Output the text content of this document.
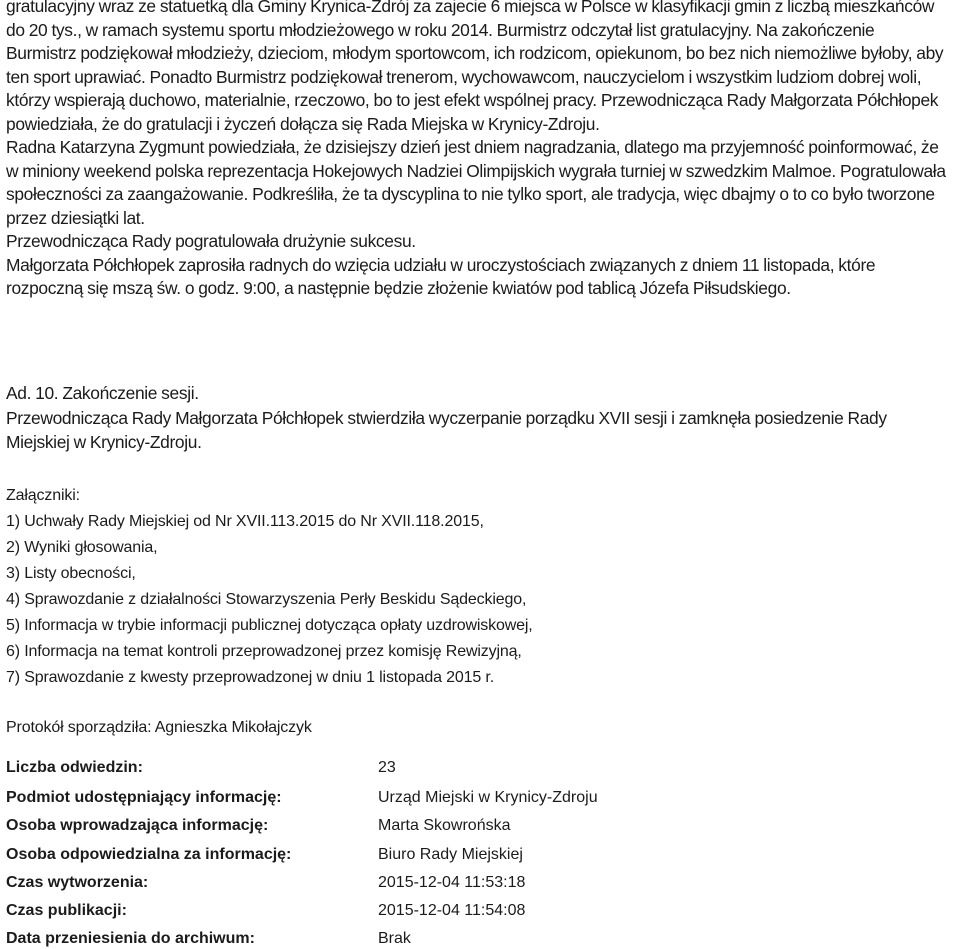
Ad. 10. Zakończenie sesji.

Przewodnicząca Rady Małgorzata Półchłopek stwierdziła wyczerpanie porządku XVII sesji i zamknęła posiedzenie Rady Miejskiej w Krynicy-Zdroju.

Załączniki:

1) Uchwały Rady Miejskiej od Nr XVII.113.2015 do Nr XVII.118.2015,

2) Wyniki głosowania,

3) Listy obecności,

4) Sprawozdanie z działalności Stowarzyszenia Perły Beskidu Sądeckiego,

5) Informacja w trybie informacji publicznej dotycząca opłaty uzdrowiskowej,

6) Informacja na temat kontroli przeprowadzonej przez komisję Rewizyjną,

7) Sprawozdanie z kwesty przeprowadzonej w dniu 1 listopada 2015 r.

Protokół sporządziła: Agnieszka Mikołajczyk

Liczba odwiedzin:	23
Podmiot udostępniający informację:	Urząd Miejski w Krynicy-Zdroju
Osoba wprowadzająca informację:	Marta Skowrońska
Osoba odpowiedzialna za informację:	Biuro Rady Miejskiej
Czas wytworzenia:	2015-12-04 11:53:18
Czas publikacji:	2015-12-04 11:54:08
Data przeniesienia do archiwum:	Brak

gratulacyjny wraz ze statuetką dla Gminy Krynica-Zdrój za zajecie 6 miejsca w Polsce w klasyfikacji gmin z liczbą mieszkańców do 20 tys., w ramach systemu sportu młodzieżowego w roku 2014. Burmistrz odczytał list gratulacyjny. Na zakończenie Burmistrz podziękował młodzieży, dzieciom, młodym sportowcom, ich rodzicom, opiekunom, bo bez nich niemożliwe byłoby, aby ten sport uprawiać. Ponadto Burmistrz podziękował trenerom, wychowawcom, nauczycielom i wszystkim ludziom dobrej woli, którzy wspierają duchowo, materialnie, rzeczowo, bo to jest efekt wspólnej pracy. Przewodnicząca Rady Małgorzata Półchłopek powiedziała, że do gratulacji i życzeń dołącza się Rada Miejska w Krynicy-Zdroju.

Radna Katarzyna Zygmunt powiedziała, że dzisiejszy dzień jest dniem nagradzania, dlatego ma przyjemność poinformować, że w miniony weekend polska reprezentacja Hokejowych Nadziei Olimpijskich wygrała turniej w szwedzkim Malmoe. Pogratulowała społeczności za zaangażowanie. Podkreśliła, że ta dyscyplina to nie tylko sport, ale tradycja, więc dbajmy o to co było tworzone przez dziesiątki lat.

Przewodnicząca Rady pogratulowała drużynie sukcesu.

Małgorzata Półchłopek zaprosiła radnych do wzięcia udziału w uroczystościach związanych z dniem 11 listopada, które rozpoczną się mszą św. o godz. 9:00, a następnie będzie złożenie kwiatów pod tablicą Józefa Piłsudskiego.
